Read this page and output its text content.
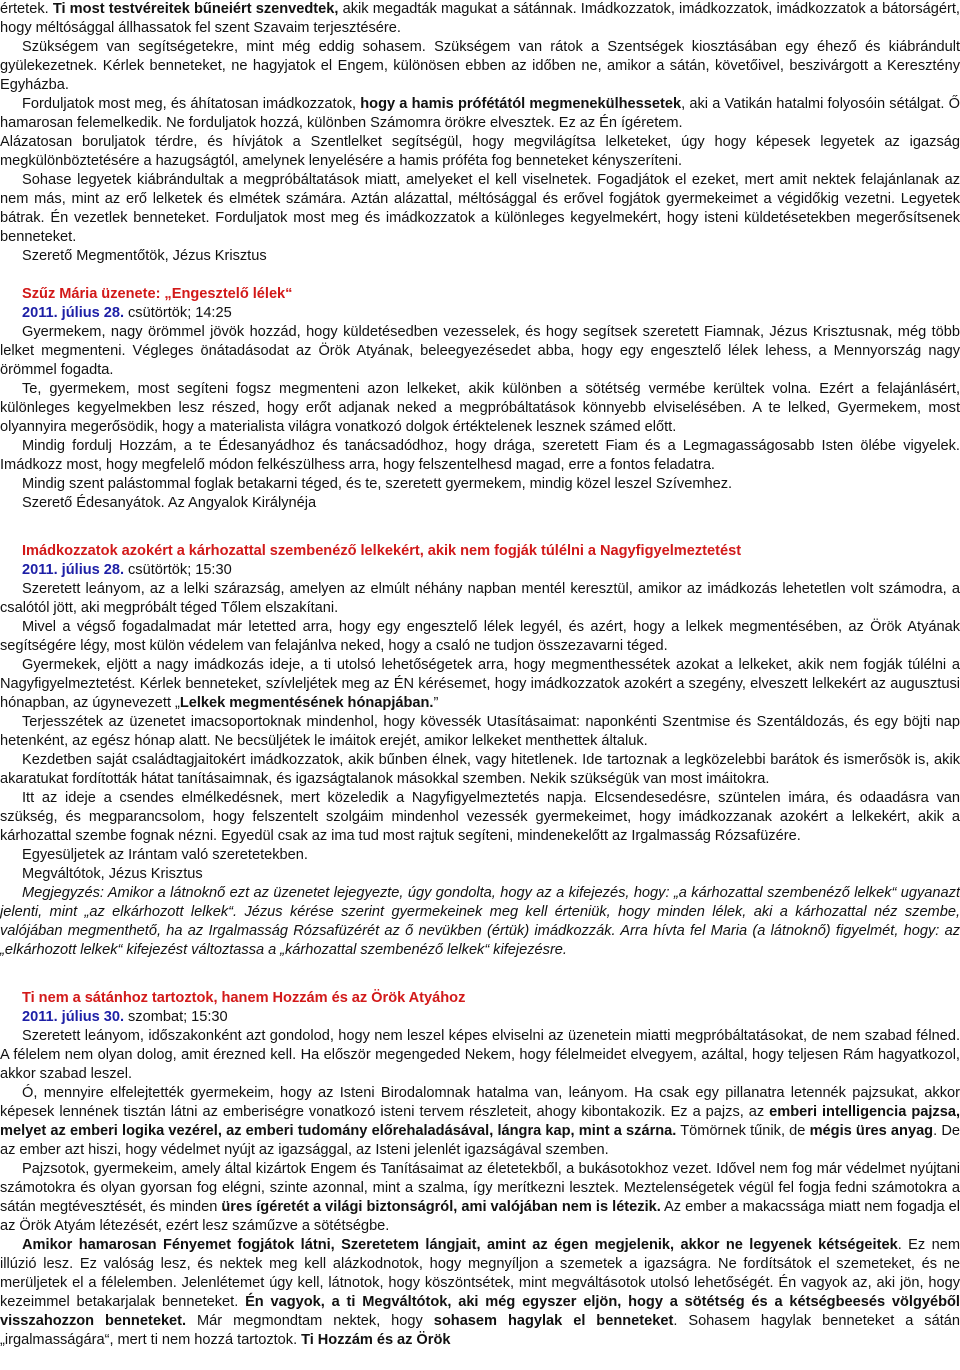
értetek. Ti most testvéreitek bűneiért szenvedtek, akik megadták magukat a sátánnak. Imádkozzatok, imádkozzatok, imádkozzatok a bátorságért, hogy méltósággal állhassatok fel szent Szavaim terjesztésére.

Szükségem van segítségetekre, mint még eddig sohasem. Szükségem van rátok a Szentségek kiosztásában egy éhező és kiábrándult gyülekezetnek. Kérlek benneteket, ne hagyjatok el Engem, különösen ebben az időben ne, amikor a sátán, követőivel, beszivárgott a Keresztény Egyházba.

Forduljatok most meg, és áhítatosan imádkozzatok, hogy a hamis prófétától megmenekülhessetek, aki a Vatikán hatalmi folyosóin sétálgat. Ő hamarosan felemelkedik. Ne forduljatok hozzá, különben Számomra örökre elvesztek. Ez az Én ígéretem.

Alázatosan boruljatok térdre, és hívjátok a Szentlelket segítségül, hogy megvilágítsa lelketeket, úgy hogy képesek legyetek az igazság megkülönböztetésére a hazugságtól, amelynek lenyelésére a hamis próféta fog benneteket kényszeríteni.

Sohase legyetek kiábrándultak a megpróbáltatások miatt, amelyeket el kell viselnetek. Fogadjátok el ezeket, mert amit nektek felajánlanak az nem más, mint az erő lelketek és elmétek számára. Aztán alázattal, méltósággal és erővel fogjátok gyermekeimet a végidőkig vezetni. Legyetek bátrak. Én vezetlek benneteket. Forduljatok most meg és imádkozzatok a különleges kegyelmekért, hogy isteni küldetésetekben megerősítsenek benneteket.

Szerető Megmentőtök, Jézus Krisztus

Szűz Mária üzenete: „Engesztelő lélek“
2011. július 28. csütörtök; 14:25

Gyermekem, nagy örömmel jövök hozzád, hogy küldetésedben vezesselek, és hogy segítsek szeretett Fiamnak, Jézus Krisztusnak, még több lelket megmenteni. Végleges önátadásodat az Örök Atyának, beleegyezésedet abba, hogy egy engesztelő lélek lehess, a Mennyország nagy örömmel fogadta.

Te, gyermekem, most segíteni fogsz megmenteni azon lelkeket, akik különben a sötétség vermébe kerültek volna. Ezért a felajánlásért, különleges kegyelmekben lesz részed, hogy erőt adjanak neked a megpróbáltatások könnyebb elviselésében. A te lelked, Gyermekem, most olyannyira megerősödik, hogy a materialista világra vonatkozó dolgok értéktelenek lesznek számed előtt.

Mindig fordulj Hozzám, a te Édesanyádhoz és tanácsadódhoz, hogy drága, szeretett Fiam és a Legmagasságosabb Isten ölébe vigyelek. Imádkozz most, hogy megfelelő módon felkészülhess arra, hogy felszentelhesd magad, erre a fontos feladatra.

Mindig szent palástommal foglak betakarni téged, és te, szeretett gyermekem, mindig közel leszel Szívemhez.

Szerető Édesanyátok. Az Angyalok Királynéja

Imádkozzatok azokért a kárhozattal szembenéző lelkekért, akik nem fogják túlélni a Nagyfigyelmeztetést
2011. július 28. csütörtök; 15:30

Szeretett leányom, az a lelki szárazság, amelyen az elmúlt néhány napban mentél keresztül, amikor az imádkozás lehetetlen volt számodra, a csalótól jött, aki megpróbált téged Tőlem elszakítani.

Mivel a végső fogadalmadat már letetted arra, hogy egy engesztelő lélek legyél, és azért, hogy a lelkek megmentésében, az Örök Atyának segítségére légy, most külön védelem van felajánlva neked, hogy a csaló ne tudjon összezavarni téged.

Gyermekek, eljött a nagy imádkozás ideje, a ti utolsó lehetőségetek arra, hogy megmenthessétek azokat a lelkeket, akik nem fogják túlélni a Nagyfigyelmeztetést. Kérlek benneteket, szívleljétek meg az ÉN kérésemet, hogy imádkozzatok azokért a szegény, elveszett lelkekért az augusztusi hónapban, az úgynevezett „Lelkek megmentésének hónapjában.”

Terjesszétek az üzenetet imacsoportoknak mindenhol, hogy kövessék Utasításaimat: naponkénti Szentmise és Szentáldozás, és egy böjti nap hetenként, az egész hónap alatt. Ne becsüljétek le imáitok erejét, amikor lelkeket menthettek általuk.

Kezdetben saját családtagjaitokért imádkozzatok, akik bűnben élnek, vagy hitetlenek. Ide tartoznak a legközelebbi barátok és ismerősök is, akik akaratukat fordították hátat tanításaimnak, és igazságtalanok másokkal szemben. Nekik szükségük van most imáitokra.

Itt az ideje a csendes elmélkedésnek, mert közeledik a Nagyfigyelmeztetés napja. Elcsendesedésre, szüntelen imára, és odaadásra van szükség, és megparancsolom, hogy felszentelt szolgáim mindenhol vezessék gyermekeimet, hogy imádkozzanak azokért a lelkekért, akik a kárhozattal szembe fognak nézni. Egyedül csak az ima tud most rajtuk segíteni, mindenekelőtt az Irgalmasság Rózsafüzére.

Egyesüljetek az Irántam való szeretetekben.

Megváltótok, Jézus Krisztus

Megjegyzés: Amikor a látnoknő ezt az üzenetet lejegyezte, úgy gondolta, hogy az a kifejezés, hogy: „a kárhozattal szembenéző lelkek“ ugyanazt jelenti, mint „az elkárhozott lelkek“. Jézus kérése szerint gyermekeinek meg kell érteniük, hogy minden lélek, aki a kárhozattal néz szembe, valójában megmenthető, ha az Irgalmasság Rózsafüzérét az ő nevükben (értük) imádkozzák. Arra hívta fel Maria (a látnoknő) figyelmét, hogy: az „elkárhozott lelkek“ kifejezést változtassa a „kárhozattal szembenéző lelkek“ kifejezésre.

Ti nem a sátánhoz tartoztok, hanem Hozzám és az Örök Atyához
2011. július 30. szombat; 15:30

Szeretett leányom, időszakonként azt gondolod, hogy nem leszel képes elviselni az üzenetein miatti megpróbáltatásokat, de nem szabad félned. A félelem nem olyan dolog, amit érezned kell. Ha először megengeded Nekem, hogy félelmeidet elvegyem, azáltal, hogy teljesen Rám hagyatkozol, akkor szabad leszel.

Ó, mennyire elfelejtették gyermekeim, hogy az Isteni Birodalomnak hatalma van, leányom. Ha csak egy pillanatra letennék pajzsukat, akkor képesek lennének tisztán látni az emberiségre vonatkozó isteni tervem részleteit, ahogy kibontakozik. Ez a pajzs, az emberi intelligencia pajzsa, melyet az emberi logika vezérel, az emberi tudomány előrehaladásával, lángra kap, mint a szárna. Tömörnek tűnik, de mégis üres anyag. De az ember azt hiszi, hogy védelmet nyújt az igazsággal, az Isteni jelenlét igazságával szemben.

Pajzsotok, gyermekeim, amely által kizártok Engem és Tanításaimat az életetekből, a bukásotokhoz vezet. Idővel nem fog már védelmet nyújtani számotokra és olyan gyorsan fog elégni, szinte azonnal, mint a szalma, így merítkezni lesztek. Meztelenségetek végül fel fogja fedni számotokra a sátán megtévesztését, és minden üres ígéretét a világi biztonságról, ami valójában nem is létezik. Az ember a makacssága miatt nem fogadja el az Örök Atyám létezését, ezért lesz száműzve a sötétségbe.

Amikor hamarosan Fényemet fogjátok látni, Szeretetem lángjait, amint az égen megjelenik, akkor ne legyenek kétségeitek. Ez nem illúzió lesz. Ez valóság lesz, és nektek meg kell alázkodnotok, hogy megnyíljon a szemetek a igazságra. Ne fordítsátok el szemeteket, és ne merüljetek el a félelemben. Jelenlétemet úgy kell, látnotok, hogy köszöntsétek, mint megváltásotok utolsó lehetőségét. Én vagyok az, aki jön, hogy kezeimmel betakarjalak benneteket. Én vagyok, a ti Megváltótok, aki még egyszer eljön, hogy a sötétség és a kétségbeesés völgyéből visszahozzon benneteket. Már megmondtam nektek, hogy sohasem hagylak el benneteket. Sohasem hagylak benneteket a sátán „irgalmasságára“, mert ti nem hozzá tartoztok. Ti Hozzám és az Örök
